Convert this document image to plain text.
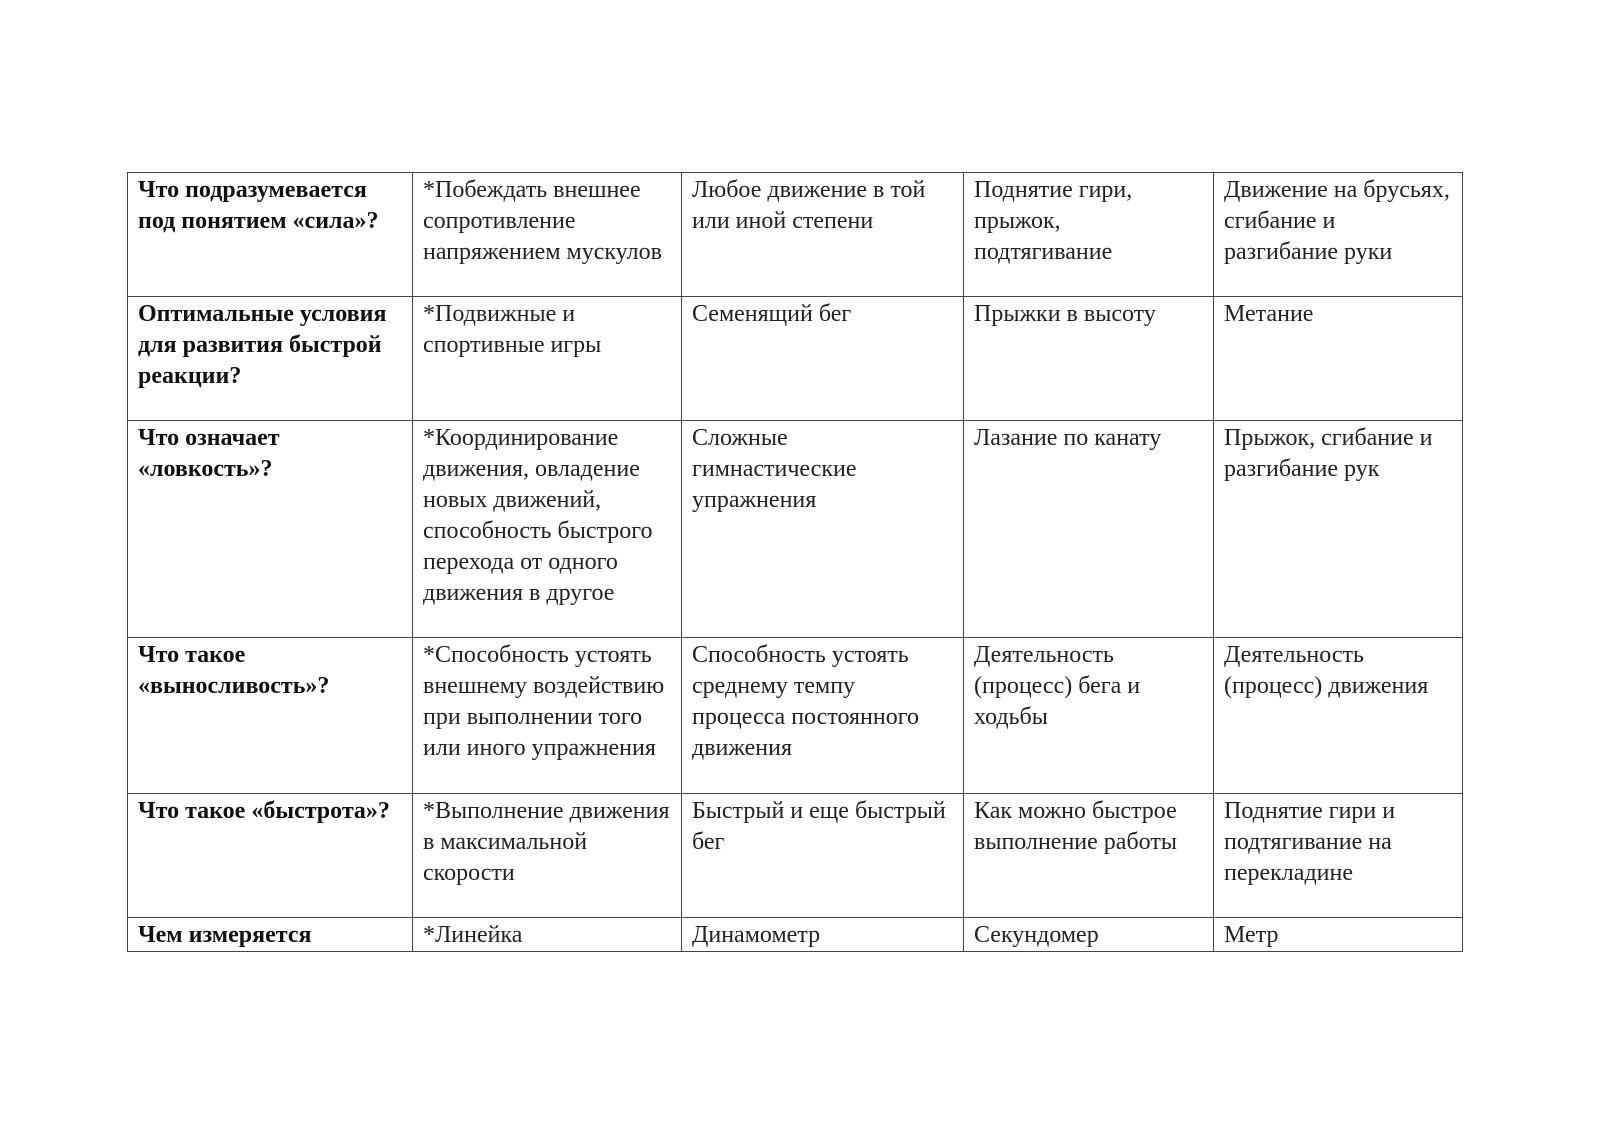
Что подразумевается под понятием «сила»?	*Побеждать внешнее сопротивление напряжением мускулов	Любое движение в той или иной степени	Поднятие гири, прыжок, подтягивание	Движение на брусьях, сгибание и разгибание руки
Оптимальные условия для развития быстрой реакции?	*Подвижные и спортивные игры	Семенящий бег	Прыжки в высоту	Метание
Что означает «ловкость»?	*Координирование движения, овладение новых движений, способность быстрого перехода от одного движения в другое	Сложные гимнастические упражнения	Лазание по канату	Прыжок, сгибание и разгибание рук
Что такое «выносливость»?	*Способность устоять внешнему воздействию при выполнении того или иного упражнения	Способность устоять среднему темпу процесса постоянного движения	Деятельность (процесс) бега и ходьбы	Деятельность (процесс) движения
Что такое «быстрота»?	*Выполнение движения в максимальной скорости	Быстрый и еще быстрый бег	Как можно быстрое выполнение работы	Поднятие гири и подтягивание на перекладине
Чем измеряется	*Линейка	Динамометр	Секундомер	Метр
